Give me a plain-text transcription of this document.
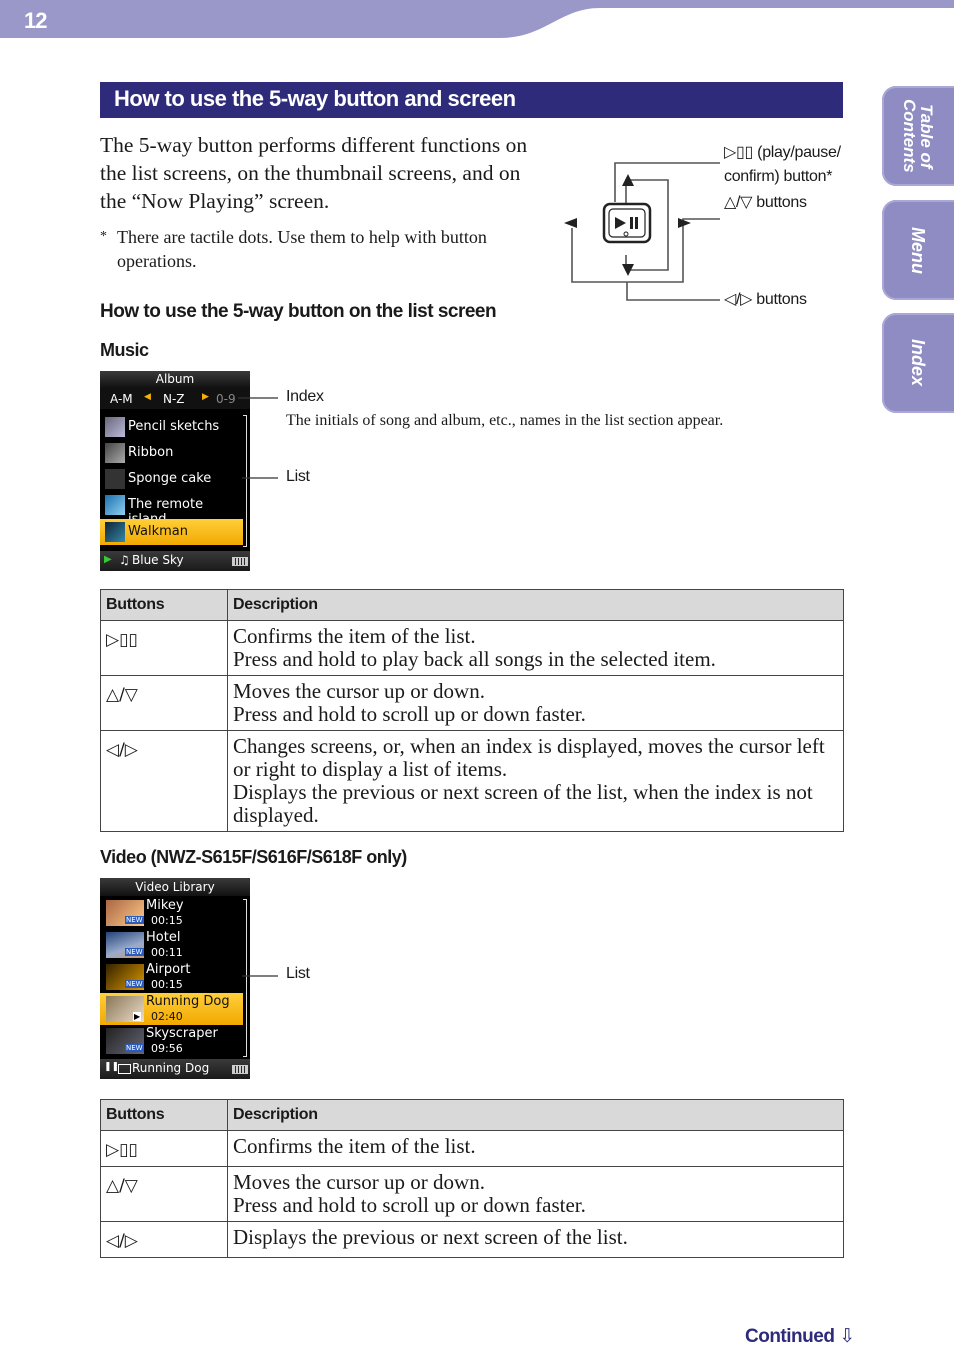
12
Table of Contents
Menu
Index
How to use the 5-way button and screen

The 5-way button performs different functions on the list screens, on the thumbnail screens, and on the “Now Playing” screen.

* There are tactile dots. Use them to help with button operations.

▷▯▯ (play/pause/ confirm) button*
△/▽ buttons
◁/▷ buttons
How to use the 5-way button on the list screen
Music
Album
A-M ◀ N-Z ▶ 0-9
Pencil sketchs
Ribbon
Sponge cake
The remote
Walkman
▶ ♫ Blue Sky
Index
The initials of song and album, etc., names in the list section appear.
List
Buttons	Description
▷▯▯	Confirms the item of the list.

Press and hold to play back all songs in the selected item.

△/▽	Moves the cursor up or down.

Press and hold to scroll up or down faster.

◁/▷	Changes screens, or, when an index is displayed, moves the cursor left or right to display a list of items.

Displays the previous or next screen of the list, when the index is not displayed.

Video (NWZ-S615F/S616F/S618F only)
Video Library
NEW
Mikey
00:15
NEW
Hotel
00:11
NEW
Airport
00:15
▶
Running Dog
02:40
NEW
Skyscraper
09:56
❚❚ Running Dog
List
Buttons	Description
▷▯▯	Confirms the item of the list.

△/▽	Moves the cursor up or down.

Press and hold to scroll up or down faster.

◁/▷	Displays the previous or next screen of the list.

Continued ⇩
